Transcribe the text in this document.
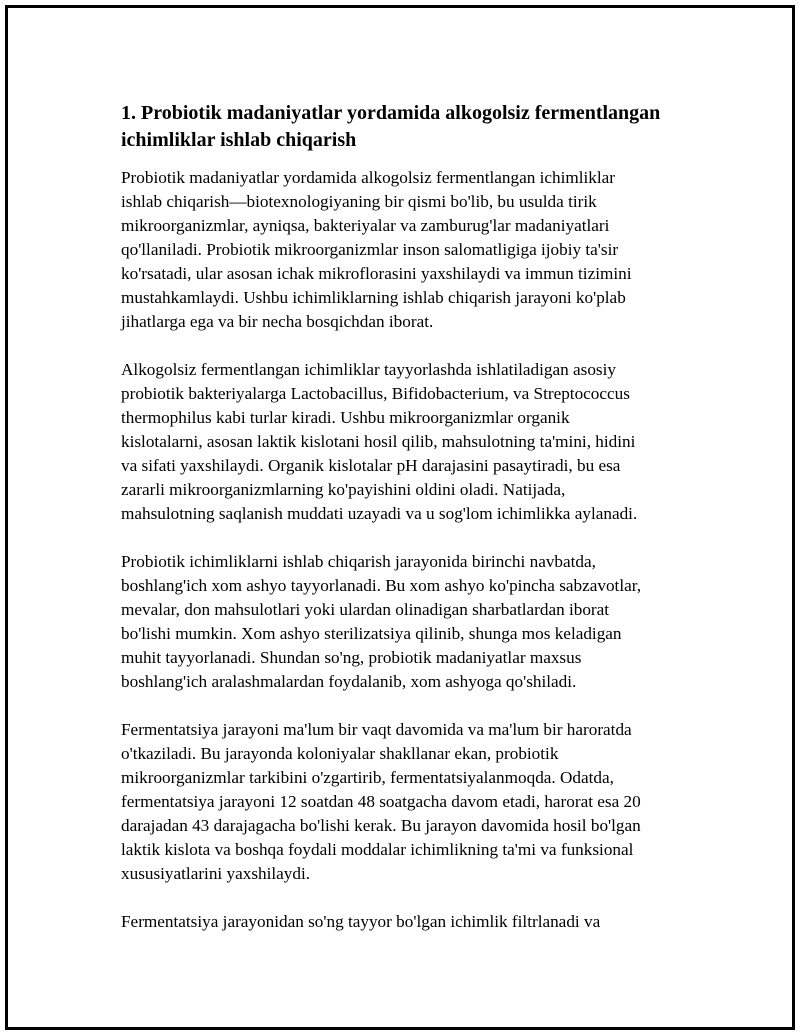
1. Probiotik madaniyatlar yordamida alkogolsiz fermentlangan
ichimliklar ishlab chiqarish

Probiotik madaniyatlar yordamida alkogolsiz fermentlangan ichimliklar
ishlab chiqarish—biotexnologiyaning bir qismi bo'lib, bu usulda tirik
mikroorganizmlar, ayniqsa, bakteriyalar va zamburug'lar madaniyatlari
qo'llaniladi. Probiotik mikroorganizmlar inson salomatligiga ijobiy ta'sir
ko'rsatadi, ular asosan ichak mikroflorasini yaxshilaydi va immun tizimini
mustahkamlaydi. Ushbu ichimliklarning ishlab chiqarish jarayoni ko'plab
jihatlarga ega va bir necha bosqichdan iborat.

Alkogolsiz fermentlangan ichimliklar tayyorlashda ishlatiladigan asosiy
probiotik bakteriyalarga Lactobacillus, Bifidobacterium, va Streptococcus
thermophilus kabi turlar kiradi. Ushbu mikroorganizmlar organik
kislotalarni, asosan laktik kislotani hosil qilib, mahsulotning ta'mini, hidini
va sifati yaxshilaydi. Organik kislotalar pH darajasini pasaytiradi, bu esa
zararli mikroorganizmlarning ko'payishini oldini oladi. Natijada,
mahsulotning saqlanish muddati uzayadi va u sog'lom ichimlikka aylanadi.

Probiotik ichimliklarni ishlab chiqarish jarayonida birinchi navbatda,
boshlang'ich xom ashyo tayyorlanadi. Bu xom ashyo ko'pincha sabzavotlar,
mevalar, don mahsulotlari yoki ulardan olinadigan sharbatlardan iborat
bo'lishi mumkin. Xom ashyo sterilizatsiya qilinib, shunga mos keladigan
muhit tayyorlanadi. Shundan so'ng, probiotik madaniyatlar maxsus
boshlang'ich aralashmalardan foydalanib, xom ashyoga qo'shiladi.

Fermentatsiya jarayoni ma'lum bir vaqt davomida va ma'lum bir haroratda
o'tkaziladi. Bu jarayonda koloniyalar shakllanar ekan, probiotik
mikroorganizmlar tarkibini o'zgartirib, fermentatsiyalanmoqda. Odatda,
fermentatsiya jarayoni 12 soatdan 48 soatgacha davom etadi, harorat esa 20
darajadan 43 darajagacha bo'lishi kerak. Bu jarayon davomida hosil bo'lgan
laktik kislota va boshqa foydali moddalar ichimlikning ta'mi va funksional
xususiyatlarini yaxshilaydi.

Fermentatsiya jarayonidan so'ng tayyor bo'lgan ichimlik filtrlanadi va
